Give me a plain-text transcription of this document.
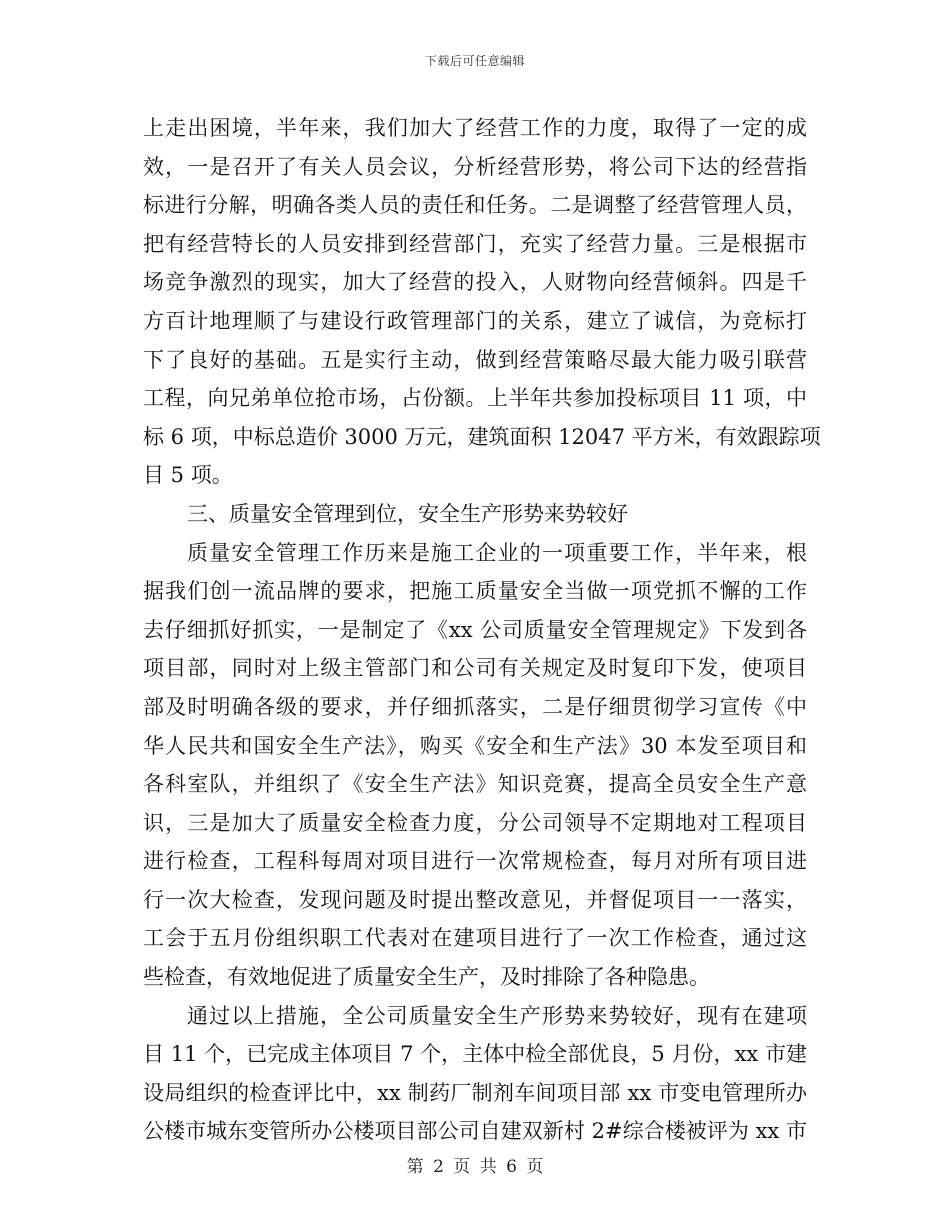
下载后可任意编辑
上走出困境，半年来，我们加大了经营工作的力度，取得了一定的成
效，一是召开了有关人员会议，分析经营形势，将公司下达的经营指
标进行分解，明确各类人员的责任和任务。二是调整了经营管理人员，
把有经营特长的人员安排到经营部门，充实了经营力量。三是根据市
场竞争激烈的现实，加大了经营的投入，人财物向经营倾斜。四是千
方百计地理顺了与建设行政管理部门的关系，建立了诚信，为竞标打
下了良好的基础。五是实行主动，做到经营策略尽最大能力吸引联营
工程，向兄弟单位抢市场，占份额。上半年共参加投标项目 11 项，中
标 6 项，中标总造价 3000 万元，建筑面积 12047 平方米，有效跟踪项
目 5 项。
三、质量安全管理到位，安全生产形势来势较好
质量安全管理工作历来是施工企业的一项重要工作，半年来，根
据我们创一流品牌的要求，把施工质量安全当做一项党抓不懈的工作
去仔细抓好抓实，一是制定了《xx 公司质量安全管理规定》下发到各
项目部，同时对上级主管部门和公司有关规定及时复印下发，使项目
部及时明确各级的要求，并仔细抓落实，二是仔细贯彻学习宣传《中
华人民共和国安全生产法》，购买《安全和生产法》30 本发至项目和
各科室队，并组织了《安全生产法》知识竞赛，提高全员安全生产意
识，三是加大了质量安全检查力度，分公司领导不定期地对工程项目
进行检查，工程科每周对项目进行一次常规检查，每月对所有项目进
行一次大检查，发现问题及时提出整改意见，并督促项目一一落实，
工会于五月份组织职工代表对在建项目进行了一次工作检查，通过这
些检查，有效地促进了质量安全生产，及时排除了各种隐患。
通过以上措施，全公司质量安全生产形势来势较好，现有在建项
目 11 个，已完成主体项目 7 个，主体中检全部优良，5 月份，xx 市建
设局组织的检查评比中，xx 制药厂制剂车间项目部 xx 市变电管理所办
公楼市城东变管所办公楼项目部公司自建双新村 2#综合楼被评为 xx 市
第 2 页 共 6 页
